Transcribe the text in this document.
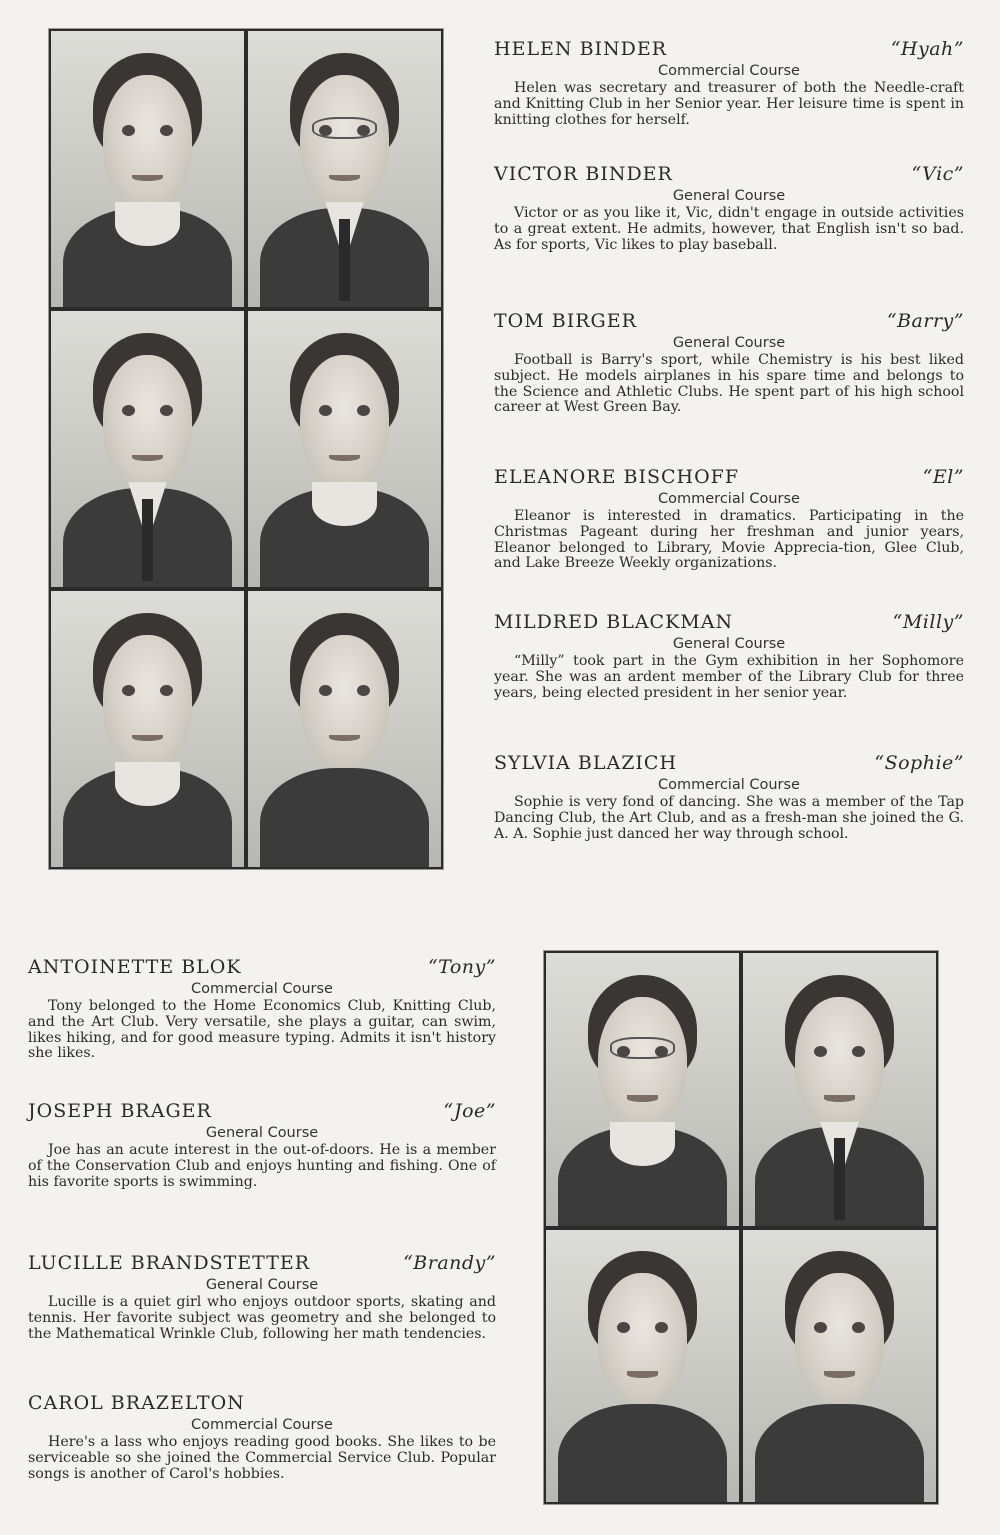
HELEN BINDER	“Hyah”
Commercial Course
Helen was secretary and treasurer of both the Needle-craft and Knitting Club in her Senior year. Her leisure time is spent in knitting clothes for herself.
VICTOR BINDER	“Vic”
General Course
Victor or as you like it, Vic, didn't engage in outside activities to a great extent. He admits, however, that English isn't so bad. As for sports, Vic likes to play baseball.
TOM BIRGER	“Barry”
General Course
Football is Barry's sport, while Chemistry is his best liked subject. He models airplanes in his spare time and belongs to the Science and Athletic Clubs. He spent part of his high school career at West Green Bay.
ELEANORE BISCHOFF	“El”
Commercial Course
Eleanor is interested in dramatics. Participating in the Christmas Pageant during her freshman and junior years, Eleanor belonged to Library, Movie Apprecia-tion, Glee Club, and Lake Breeze Weekly organizations.
MILDRED BLACKMAN	“Milly”
General Course
“Milly” took part in the Gym exhibition in her Sophomore year. She was an ardent member of the Library Club for three years, being elected president in her senior year.
SYLVIA BLAZICH	“Sophie”
Commercial Course
Sophie is very fond of dancing. She was a member of the Tap Dancing Club, the Art Club, and as a fresh-man she joined the G. A. A. Sophie just danced her way through school.
ANTOINETTE BLOK	“Tony”
Commercial Course
Tony belonged to the Home Economics Club, Knitting Club, and the Art Club. Very versatile, she plays a guitar, can swim, likes hiking, and for good measure typing. Admits it isn't history she likes.
JOSEPH BRAGER	“Joe”
General Course
Joe has an acute interest in the out-of-doors. He is a member of the Conservation Club and enjoys hunting and fishing. One of his favorite sports is swimming.
LUCILLE BRANDSTETTER	“Brandy”
General Course
Lucille is a quiet girl who enjoys outdoor sports, skating and tennis. Her favorite subject was geometry and she belonged to the Mathematical Wrinkle Club, following her math tendencies.
CAROL BRAZELTON
Commercial Course
Here's a lass who enjoys reading good books. She likes to be serviceable so she joined the Commercial Service Club. Popular songs is another of Carol's hobbies.
